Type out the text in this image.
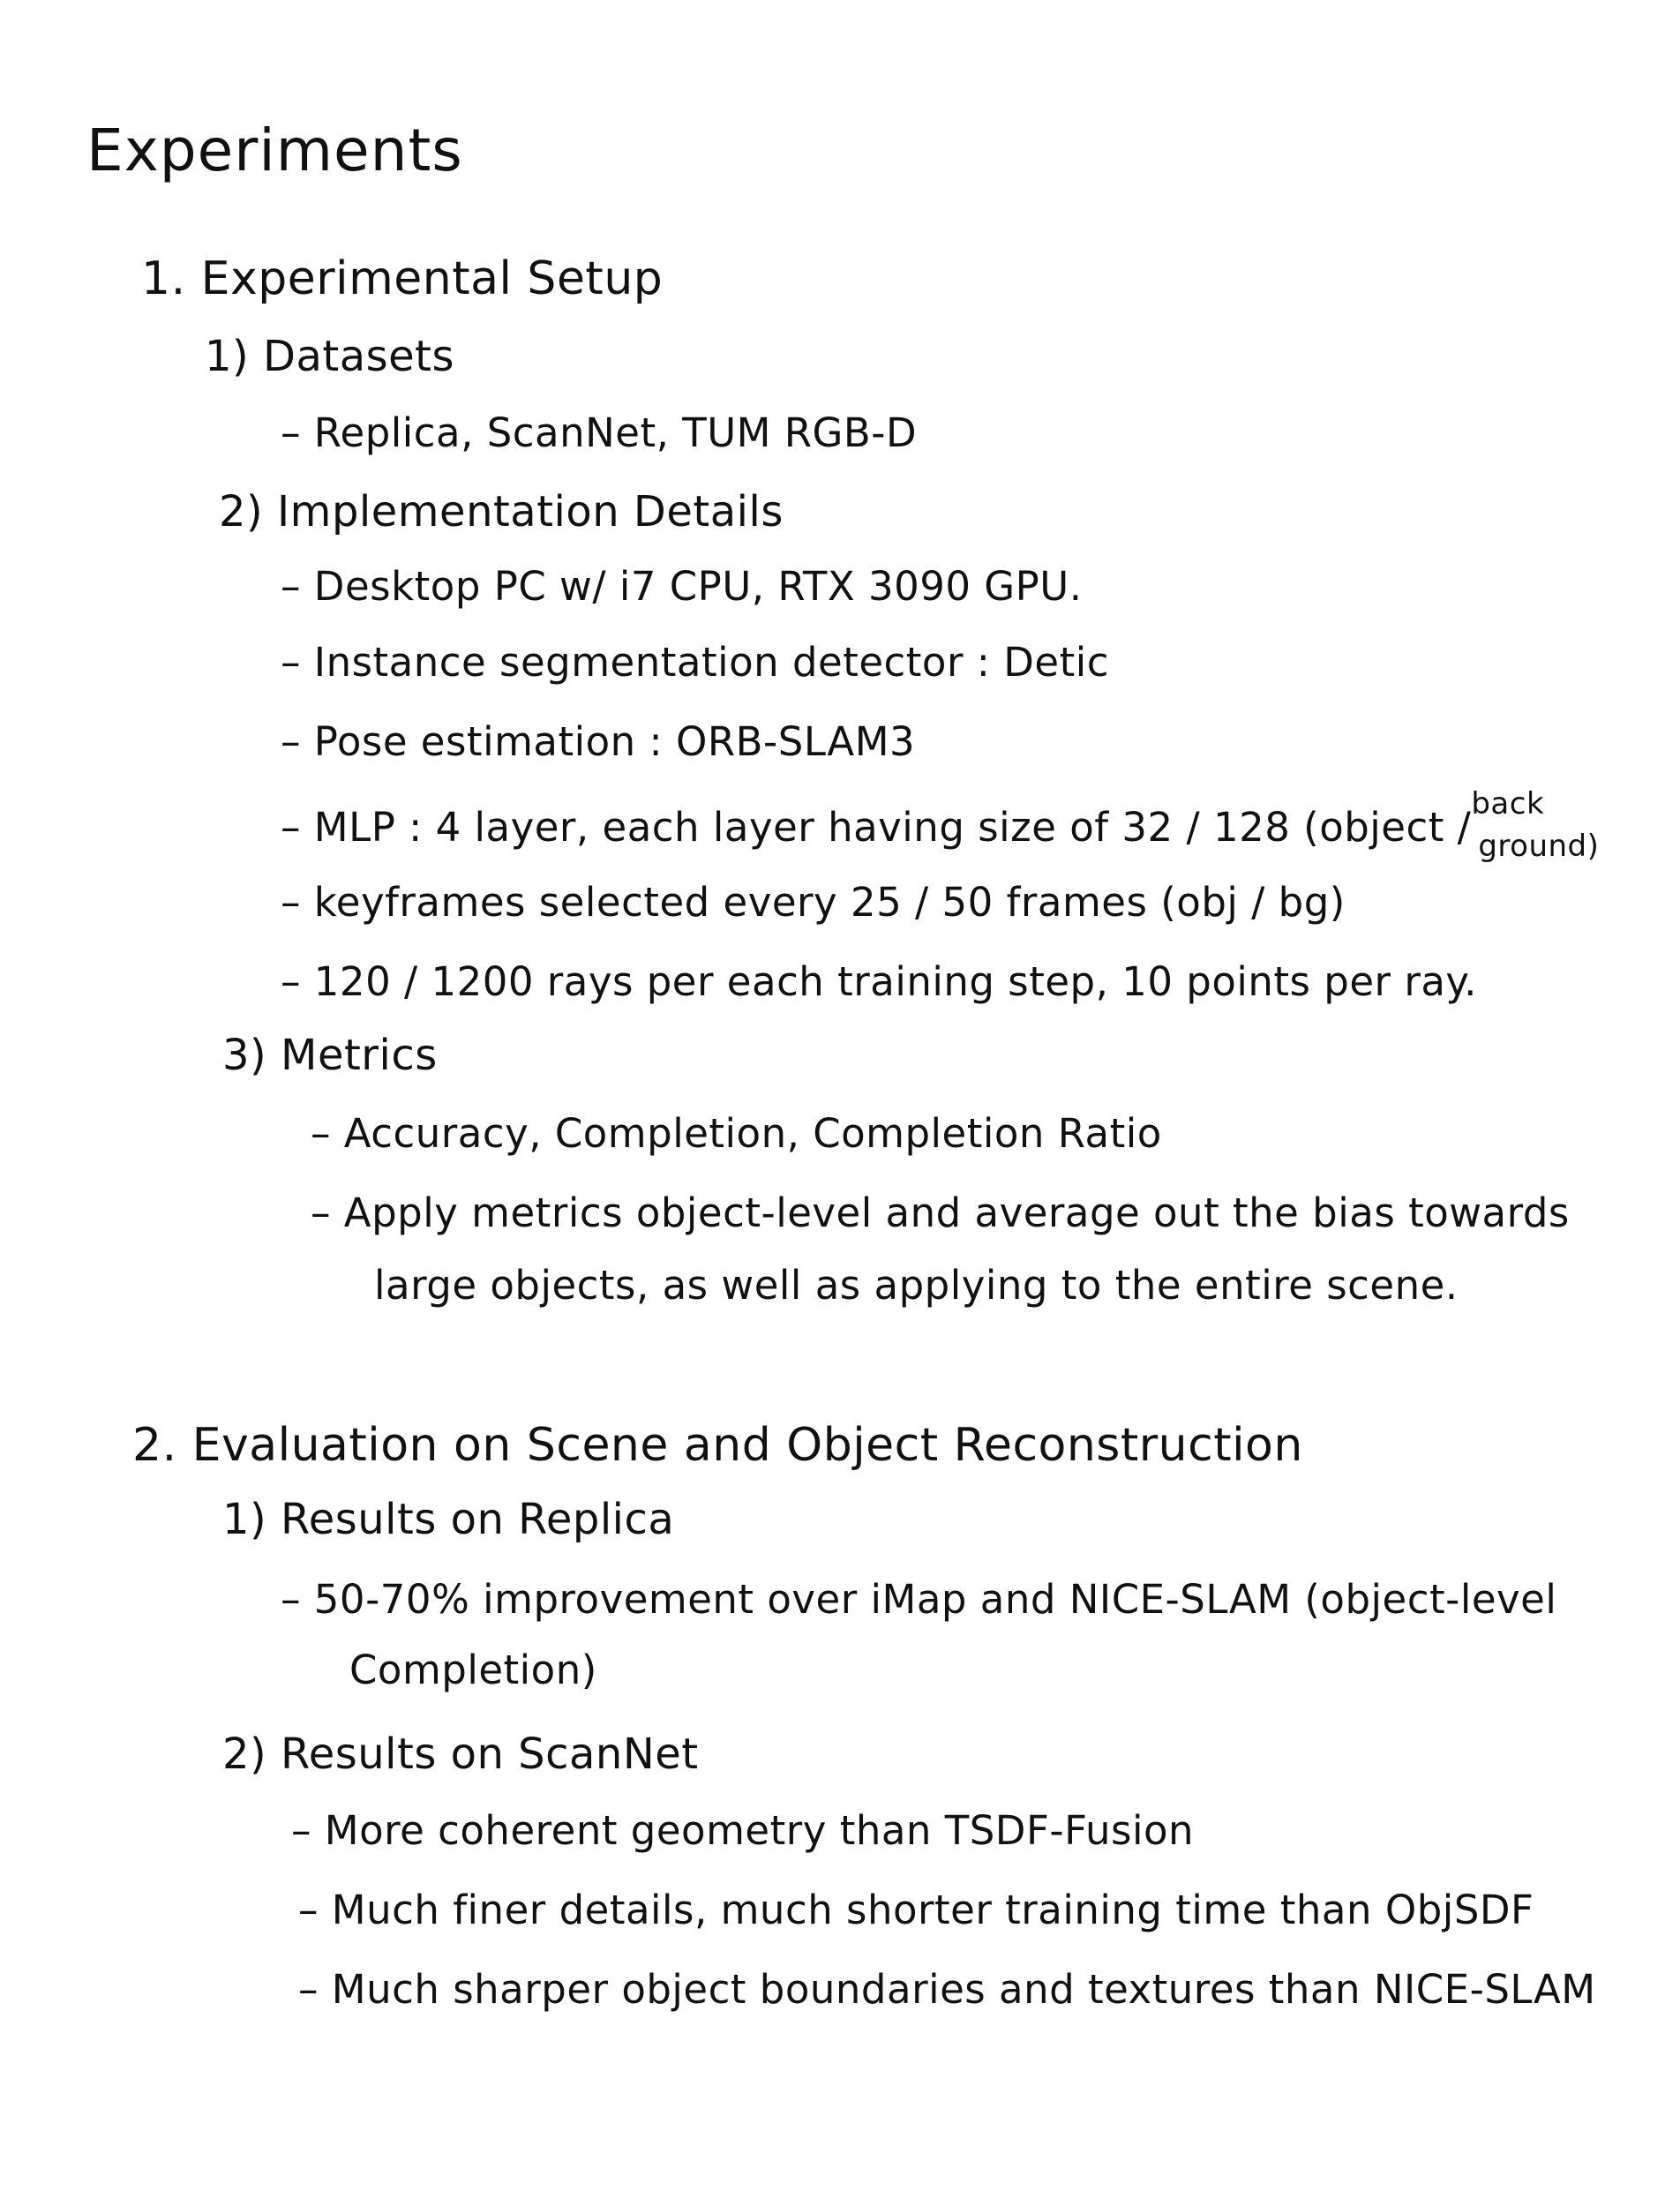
Experiments
1. Experimental Setup
1) Datasets
– Replica, ScanNet, TUM RGB-D
2) Implementation Details
– Desktop PC w/ i7 CPU, RTX 3090 GPU.
– Instance segmentation detector : Detic
– Pose estimation : ORB-SLAM3
– MLP : 4 layer, each layer having size of 32 / 128 (object / back
ground)
– keyframes selected every 25 / 50 frames (obj / bg)
– 120 / 1200 rays per each training step, 10 points per ray.
3) Metrics
– Accuracy, Completion, Completion Ratio
– Apply metrics object-level and average out the bias towards
large objects, as well as applying to the entire scene.
2. Evaluation on Scene and Object Reconstruction
1) Results on Replica
– 50-70% improvement over iMap and NICE-SLAM (object-level
Completion)
2) Results on ScanNet
– More coherent geometry than TSDF-Fusion
– Much finer details, much shorter training time than ObjSDF
– Much sharper object boundaries and textures than NICE-SLAM
